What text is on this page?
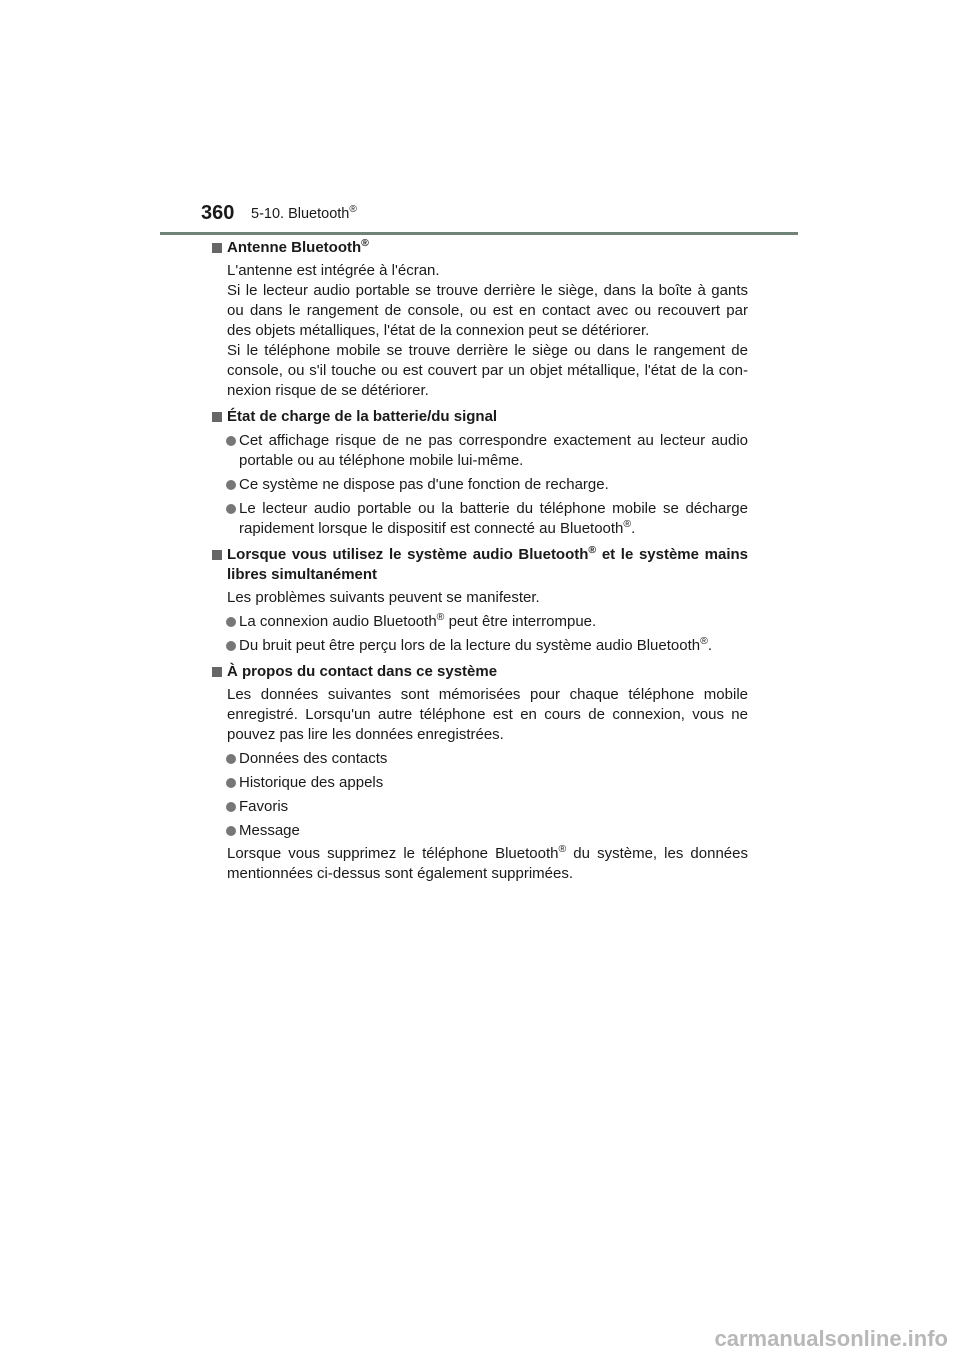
360 5-10. Bluetooth®
Antenne Bluetooth®
L'antenne est intégrée à l'écran.
Si le lecteur audio portable se trouve derrière le siège, dans la boîte à gants ou dans le rangement de console, ou est en contact avec ou recouvert par des objets métalliques, l'état de la connexion peut se détériorer.
Si le téléphone mobile se trouve derrière le siège ou dans le rangement de console, ou s'il touche ou est couvert par un objet métallique, l'état de la con-nexion risque de se détériorer.
État de charge de la batterie/du signal
Cet affichage risque de ne pas correspondre exactement au lecteur audio portable ou au téléphone mobile lui-même.
Ce système ne dispose pas d'une fonction de recharge.
Le lecteur audio portable ou la batterie du téléphone mobile se décharge rapidement lorsque le dispositif est connecté au Bluetooth®.
Lorsque vous utilisez le système audio Bluetooth® et le système mains libres simultanément
Les problèmes suivants peuvent se manifester.
La connexion audio Bluetooth® peut être interrompue.
Du bruit peut être perçu lors de la lecture du système audio Bluetooth®.
À propos du contact dans ce système
Les données suivantes sont mémorisées pour chaque téléphone mobile enregistré. Lorsqu'un autre téléphone est en cours de connexion, vous ne pouvez pas lire les données enregistrées.
Données des contacts
Historique des appels
Favoris
Message
Lorsque vous supprimez le téléphone Bluetooth® du système, les données mentionnées ci-dessus sont également supprimées.
carmanualsonline.info
